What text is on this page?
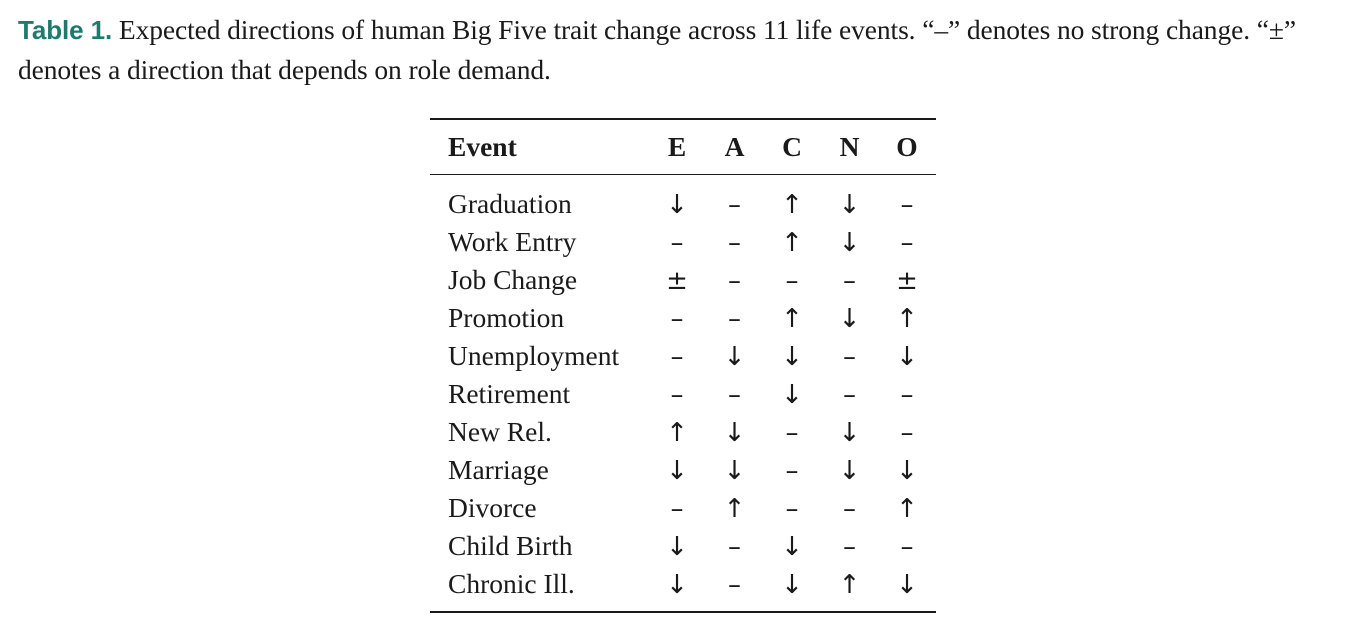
Table 1. Expected directions of human Big Five trait change across 11 life events. “–” denotes no strong change. “±” denotes a direction that depends on role demand.
Event	E	A	C	N	O
Graduation	↓	–	↑	↓	–
Work Entry	–	–	↑	↓	–
Job Change	±	–	–	–	±
Promotion	–	–	↑	↓	↑
Unemployment	–	↓	↓	–	↓
Retirement	–	–	↓	–	–
New Rel.	↑	↓	–	↓	–
Marriage	↓	↓	–	↓	↓
Divorce	–	↑	–	–	↑
Child Birth	↓	–	↓	–	–
Chronic Ill.	↓	–	↓	↑	↓
